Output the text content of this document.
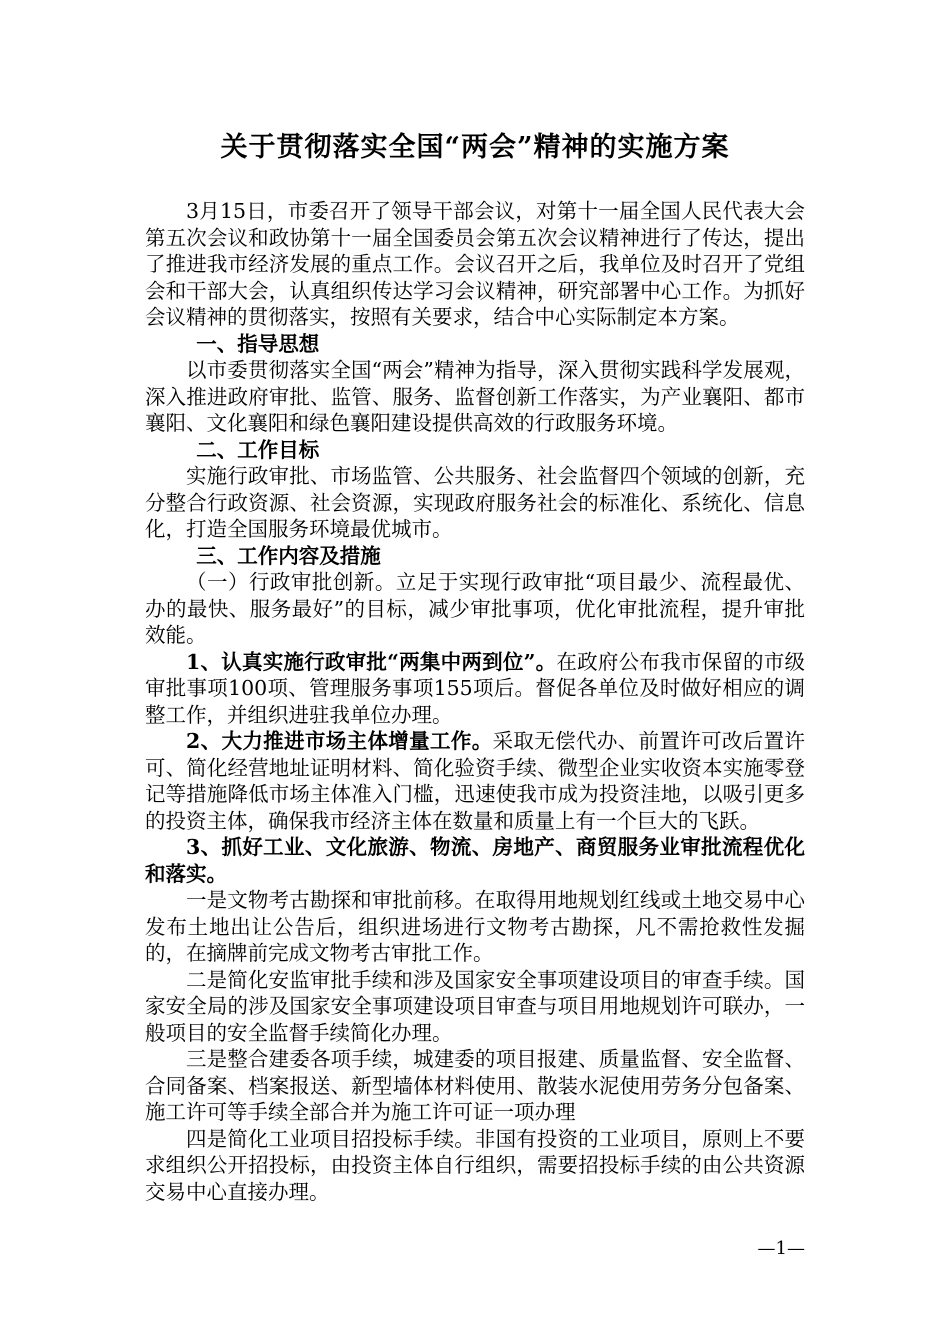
关于贯彻落实全国“两会”精神的实施方案

3月15日，市委召开了领导干部会议，对第十一届全国人民代表大会第五次会议和政协第十一届全国委员会第五次会议精神进行了传达，提出了推进我市经济发展的重点工作。会议召开之后，我单位及时召开了党组会和干部大会，认真组织传达学习会议精神，研究部署中心工作。为抓好会议精神的贯彻落实，按照有关要求，结合中心实际制定本方案。

一、指导思想

以市委贯彻落实全国“两会”精神为指导，深入贯彻实践科学发展观，深入推进政府审批、监管、服务、监督创新工作落实，为产业襄阳、都市襄阳、文化襄阳和绿色襄阳建设提供高效的行政服务环境。

二、工作目标

实施行政审批、市场监管、公共服务、社会监督四个领域的创新，充分整合行政资源、社会资源，实现政府服务社会的标准化、系统化、信息化，打造全国服务环境最优城市。

三、工作内容及措施

（一）行政审批创新。立足于实现行政审批“项目最少、流程最优、办的最快、服务最好”的目标，减少审批事项，优化审批流程，提升审批效能。

1、认真实施行政审批“两集中两到位”。在政府公布我市保留的市级审批事项100项、管理服务事项155项后。督促各单位及时做好相应的调整工作，并组织进驻我单位办理。

2、大力推进市场主体增量工作。采取无偿代办、前置许可改后置许可、简化经营地址证明材料、简化验资手续、微型企业实收资本实施零登记等措施降低市场主体准入门槛，迅速使我市成为投资洼地，以吸引更多的投资主体，确保我市经济主体在数量和质量上有一个巨大的飞跃。

3、抓好工业、文化旅游、物流、房地产、商贸服务业审批流程优化和落实。

一是文物考古勘探和审批前移。在取得用地规划红线或土地交易中心发布土地出让公告后，组织进场进行文物考古勘探，凡不需抢救性发掘的，在摘牌前完成文物考古审批工作。

二是简化安监审批手续和涉及国家安全事项建设项目的审查手续。国家安全局的涉及国家安全事项建设项目审查与项目用地规划许可联办，一般项目的安全监督手续简化办理。

三是整合建委各项手续，城建委的项目报建、质量监督、安全监督、合同备案、档案报送、新型墙体材料使用、散装水泥使用劳务分包备案、施工许可等手续全部合并为施工许可证一项办理

四是简化工业项目招投标手续。非国有投资的工业项目，原则上不要求组织公开招投标，由投资主体自行组织，需要招投标手续的由公共资源交易中心直接办理。

—1—
